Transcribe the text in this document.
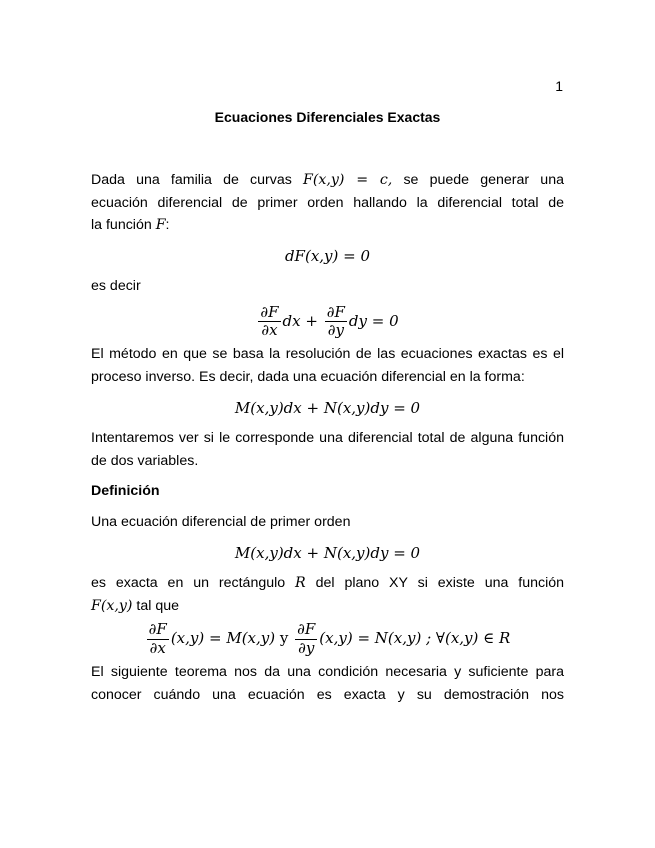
1
Ecuaciones Diferenciales Exactas

Dada una familia de curvas F(x,y) = c, se puede generar una

ecuación diferencial de primer orden hallando la diferencial total de

la función F:

dF(x,y) = 0

es decir

$\frac{\partial F}{\partial x}$ dx + $\frac{\partial F}{\partial y}$ dy = 0

El método en que se basa la resolución de las ecuaciones exactas es el proceso inverso. Es decir, dada una ecuación diferencial en la forma:

M(x,y)dx + N(x,y)dy = 0

Intentaremos ver si le corresponde una diferencial total de alguna función de dos variables.

Definición

Una ecuación diferencial de primer orden

M(x,y)dx + N(x,y)dy = 0

es exacta en un rectángulo R del plano XY si existe una función

F(x,y) tal que

$\frac{\partial F}{\partial x} (x,y) = M(x,y)$ y $\frac{\partial F}{\partial y} (x,y) = N(x,y)$ ; ∀(x,y) ∈ R

El siguiente teorema nos da una condición necesaria y suficiente para conocer cuándo una ecuación es exacta y su demostración nos
